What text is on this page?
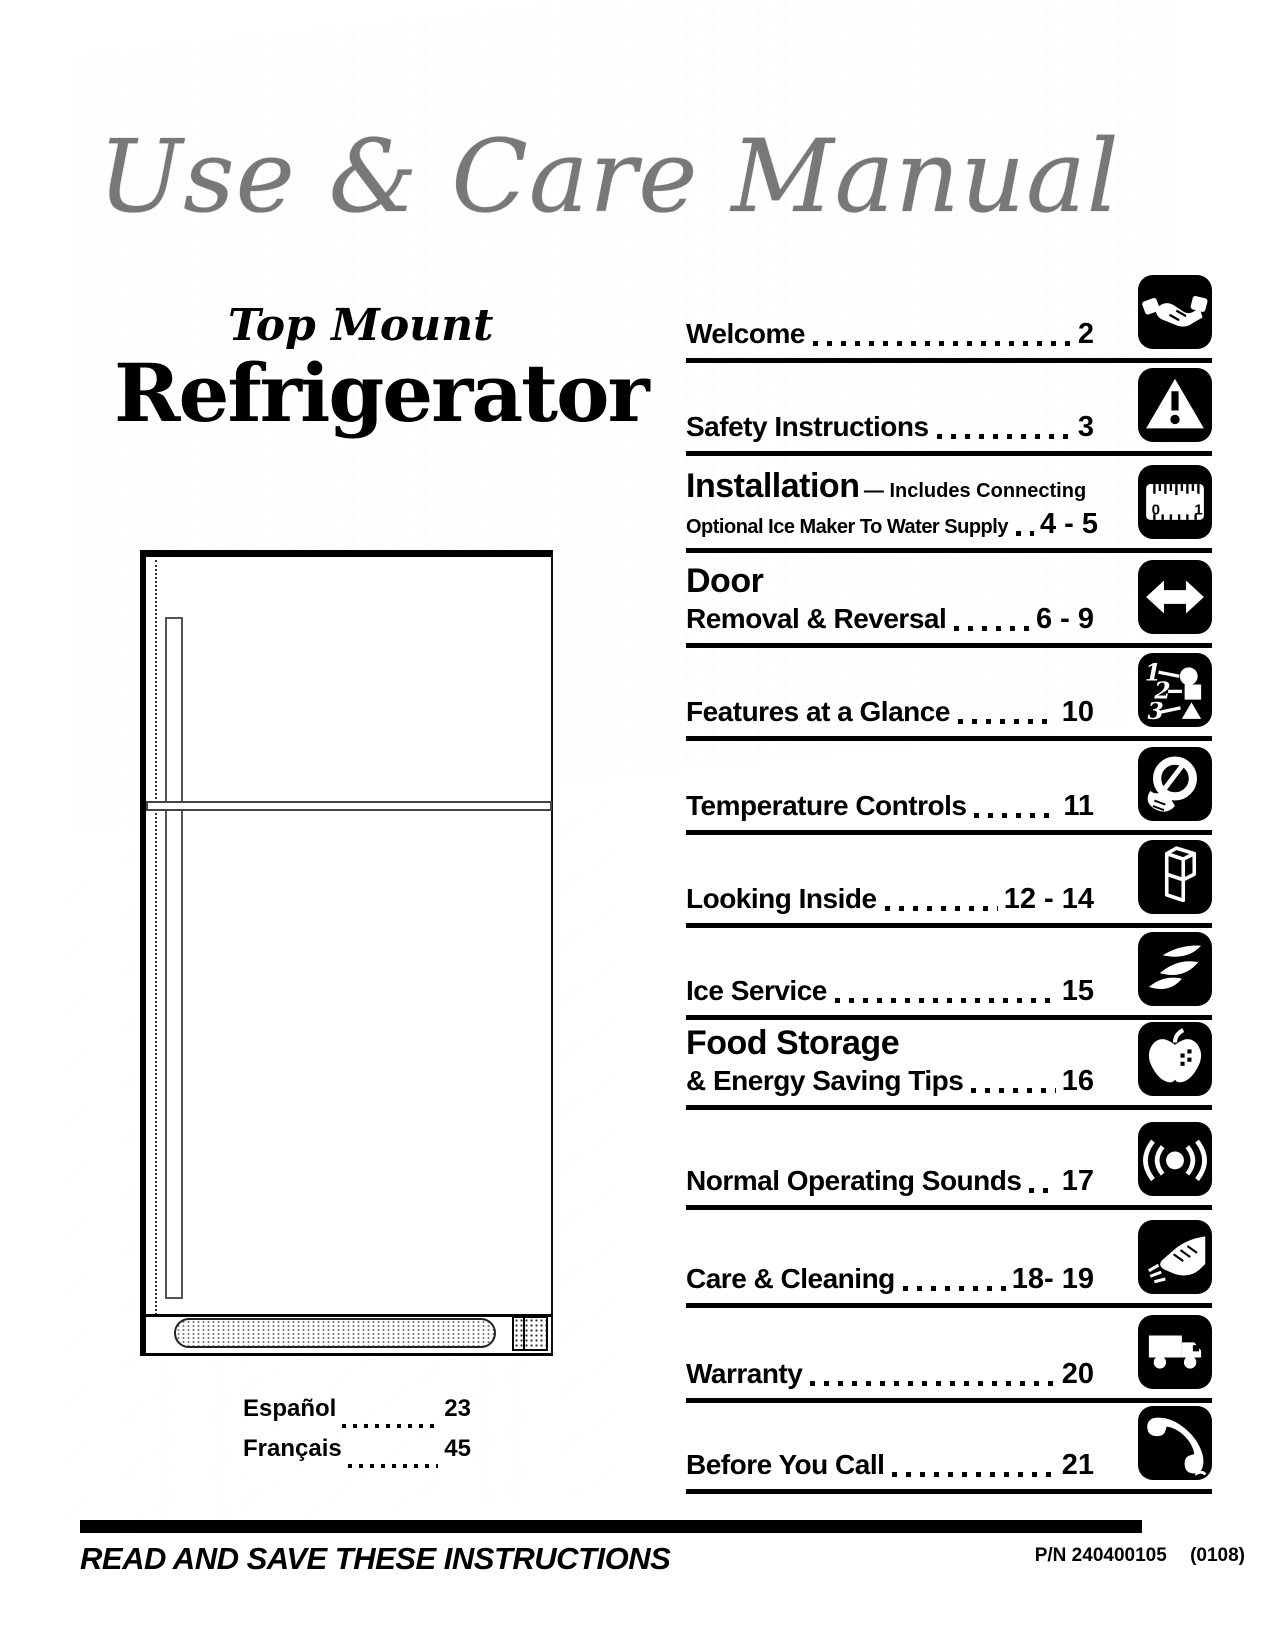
Use & Care Manual
Top Mount
Refrigerator
Español	23
Français	45
Welcome	2
Safety Instructions	3
Installation — Includes Connecting
Optional Ice Maker To Water Supply 4 - 5	0	1
Door
Removal & Reversal	6 - 9
Features at a Glance	10
1
2
3
Temperature Controls	11
Looking Inside	12 - 14
Ice Service	15
Food Storage
& Energy Saving Tips	16
Normal Operating Sounds 17
Care & Cleaning	18- 19
Warranty	20
Before You Call	21
READ AND SAVE THESE INSTRUCTIONS	P/N 240400105 (0108)
